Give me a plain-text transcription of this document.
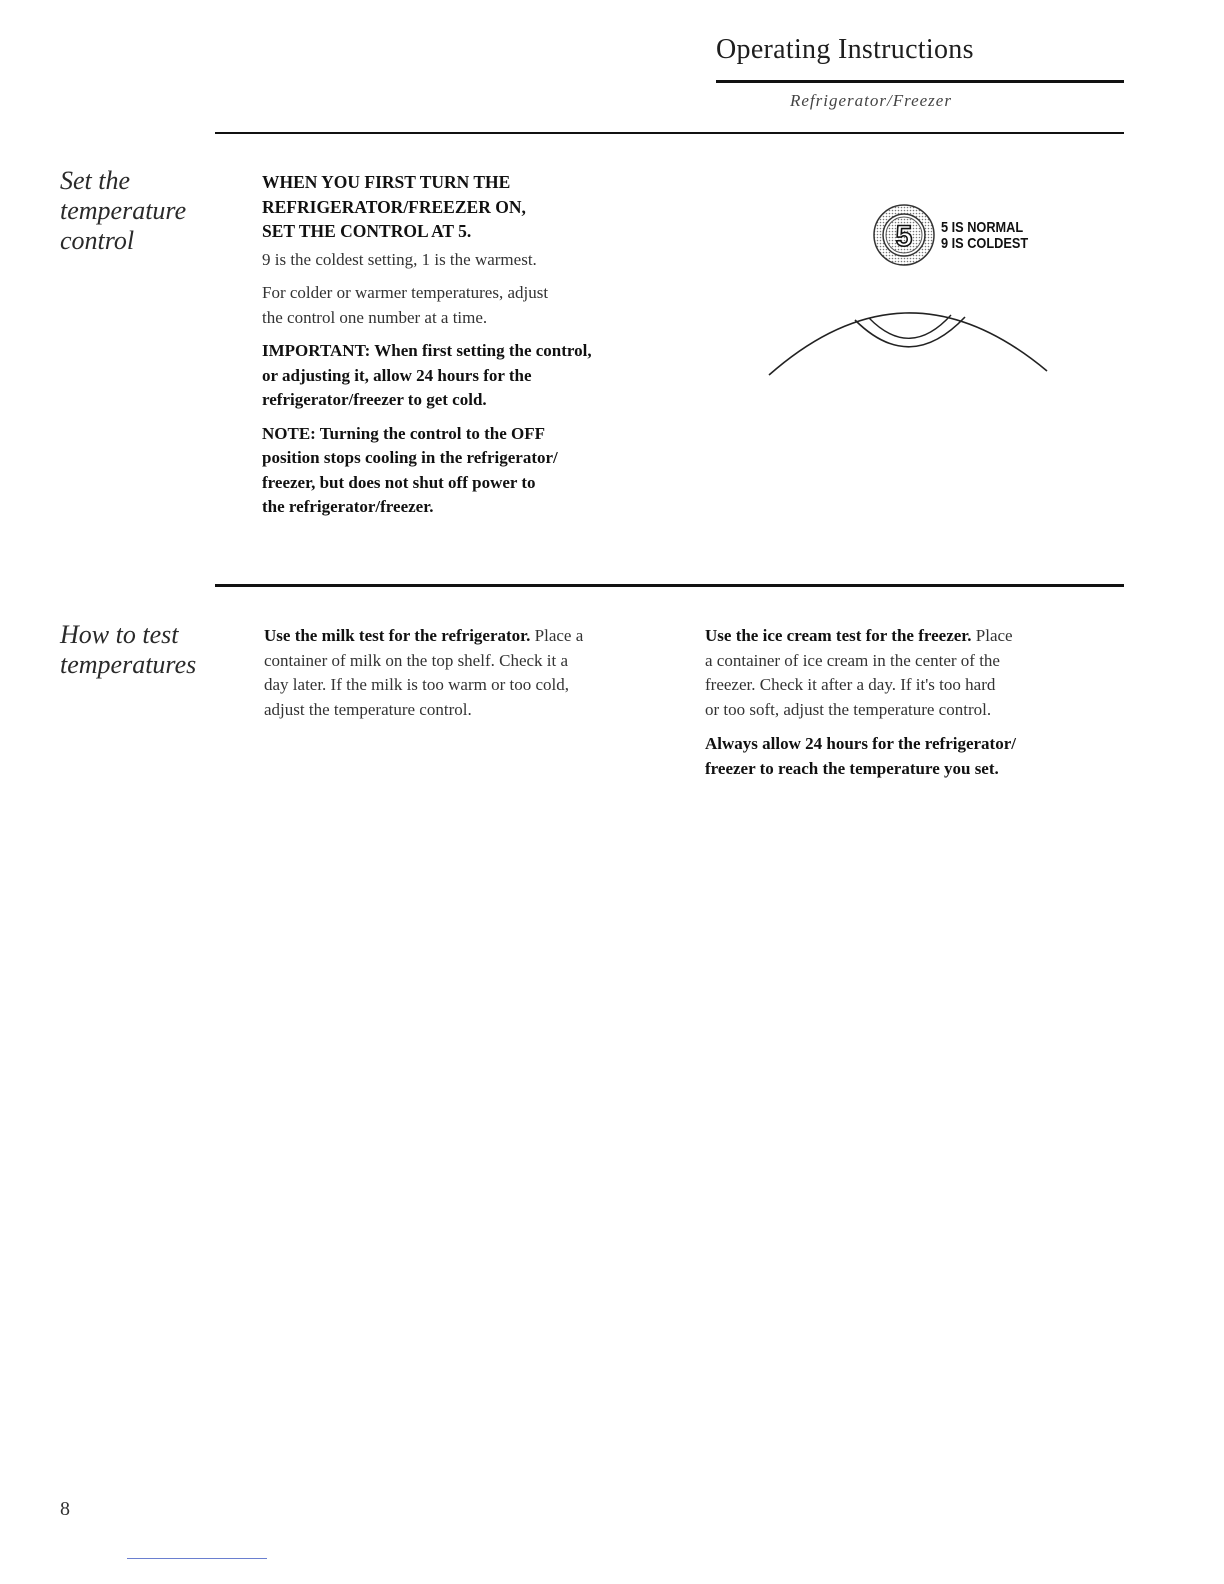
Operating Instructions
Refrigerator/Freezer
Set the
temperature
control
WHEN YOU FIRST TURN THE
REFRIGERATOR/FREEZER ON,
SET THE CONTROL AT 5.

9 is the coldest setting, 1 is the warmest.

For colder or warmer temperatures, adjust
the control one number at a time.

IMPORTANT: When first setting the control,
or adjusting it, allow 24 hours for the
refrigerator/freezer to get cold.

NOTE: Turning the control to the OFF
position stops cooling in the refrigerator/
freezer, but does not shut off power to
the refrigerator/freezer.

5 5 IS NORMAL
9 IS COLDEST
How to test
temperatures

Use the milk test for the refrigerator. Place a
container of milk on the top shelf. Check it a
day later. If the milk is too warm or too cold,
adjust the temperature control.

Use the ice cream test for the freezer. Place
a container of ice cream in the center of the
freezer. Check it after a day. If it's too hard
or too soft, adjust the temperature control.

Always allow 24 hours for the refrigerator/
freezer to reach the temperature you set.

8
